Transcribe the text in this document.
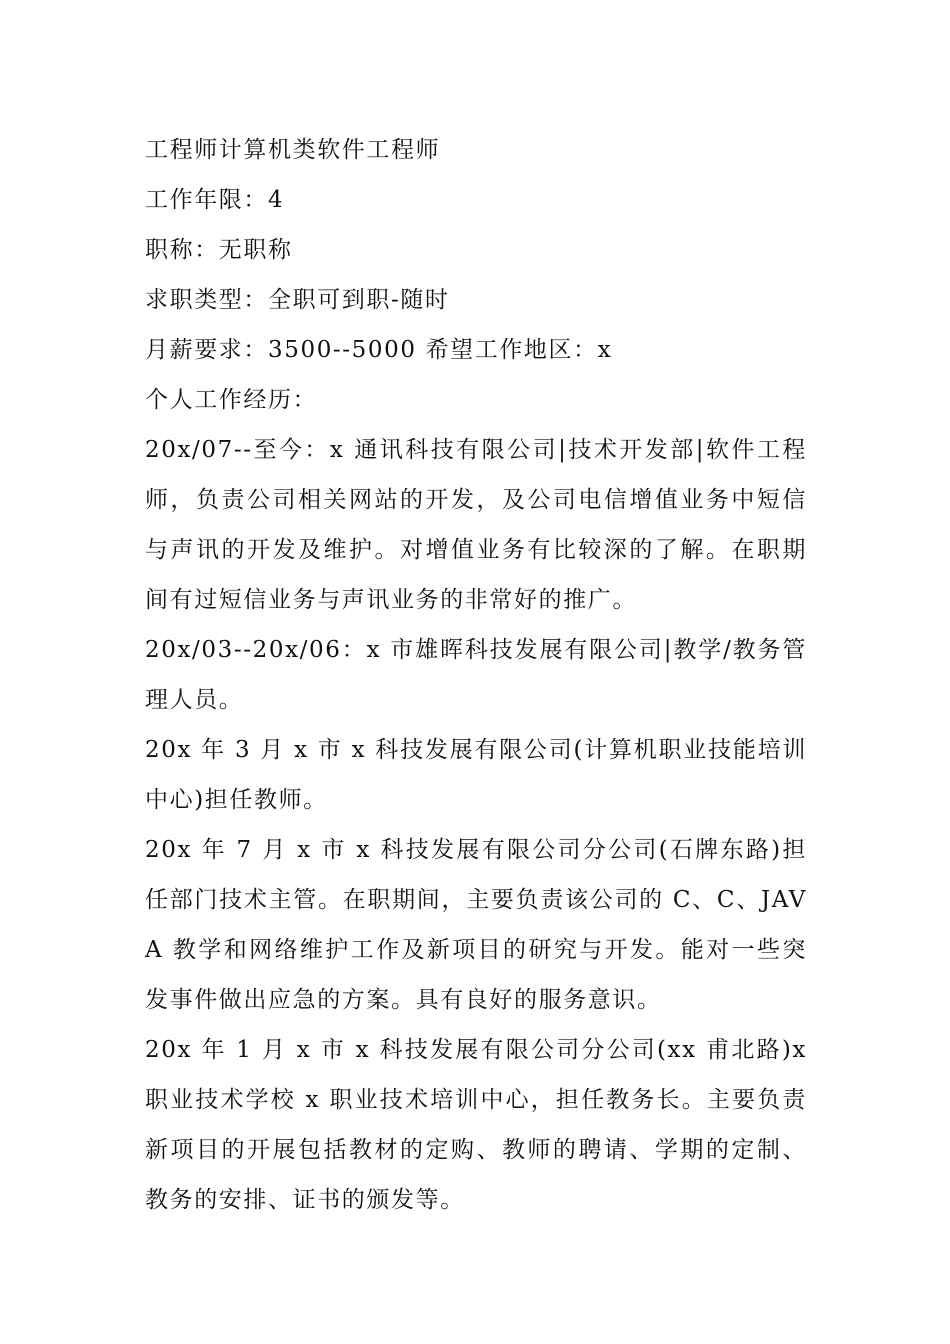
工程师计算机类软件工程师
工作年限：4
职称：无职称
求职类型：全职可到职-随时
月薪要求：3500--5000 希望工作地区：x
个人工作经历：

20x/07--至今：x 通讯科技有限公司|技术开发部|软件工程师，负责公司相关网站的开发，及公司电信增值业务中短信与声讯的开发及维护。对增值业务有比较深的了解。在职期间有过短信业务与声讯业务的非常好的推广。

20x/03--20x/06：x 市雄晖科技发展有限公司|教学/教务管理人员。

20x 年 3 月 x 市 x 科技发展有限公司(计算机职业技能培训中心)担任教师。

20x 年 7 月 x 市 x 科技发展有限公司分公司(石牌东路)担任部门技术主管。在职期间，主要负责该公司的 C、C、JAVA 教学和网络维护工作及新项目的研究与开发。能对一些突发事件做出应急的方案。具有良好的服务意识。

20x 年 1 月 x 市 x 科技发展有限公司分公司(xx 甫北路)x 职业技术学校 x 职业技术培训中心，担任教务长。主要负责新项目的开展包括教材的定购、教师的聘请、学期的定制、教务的安排、证书的颁发等。
